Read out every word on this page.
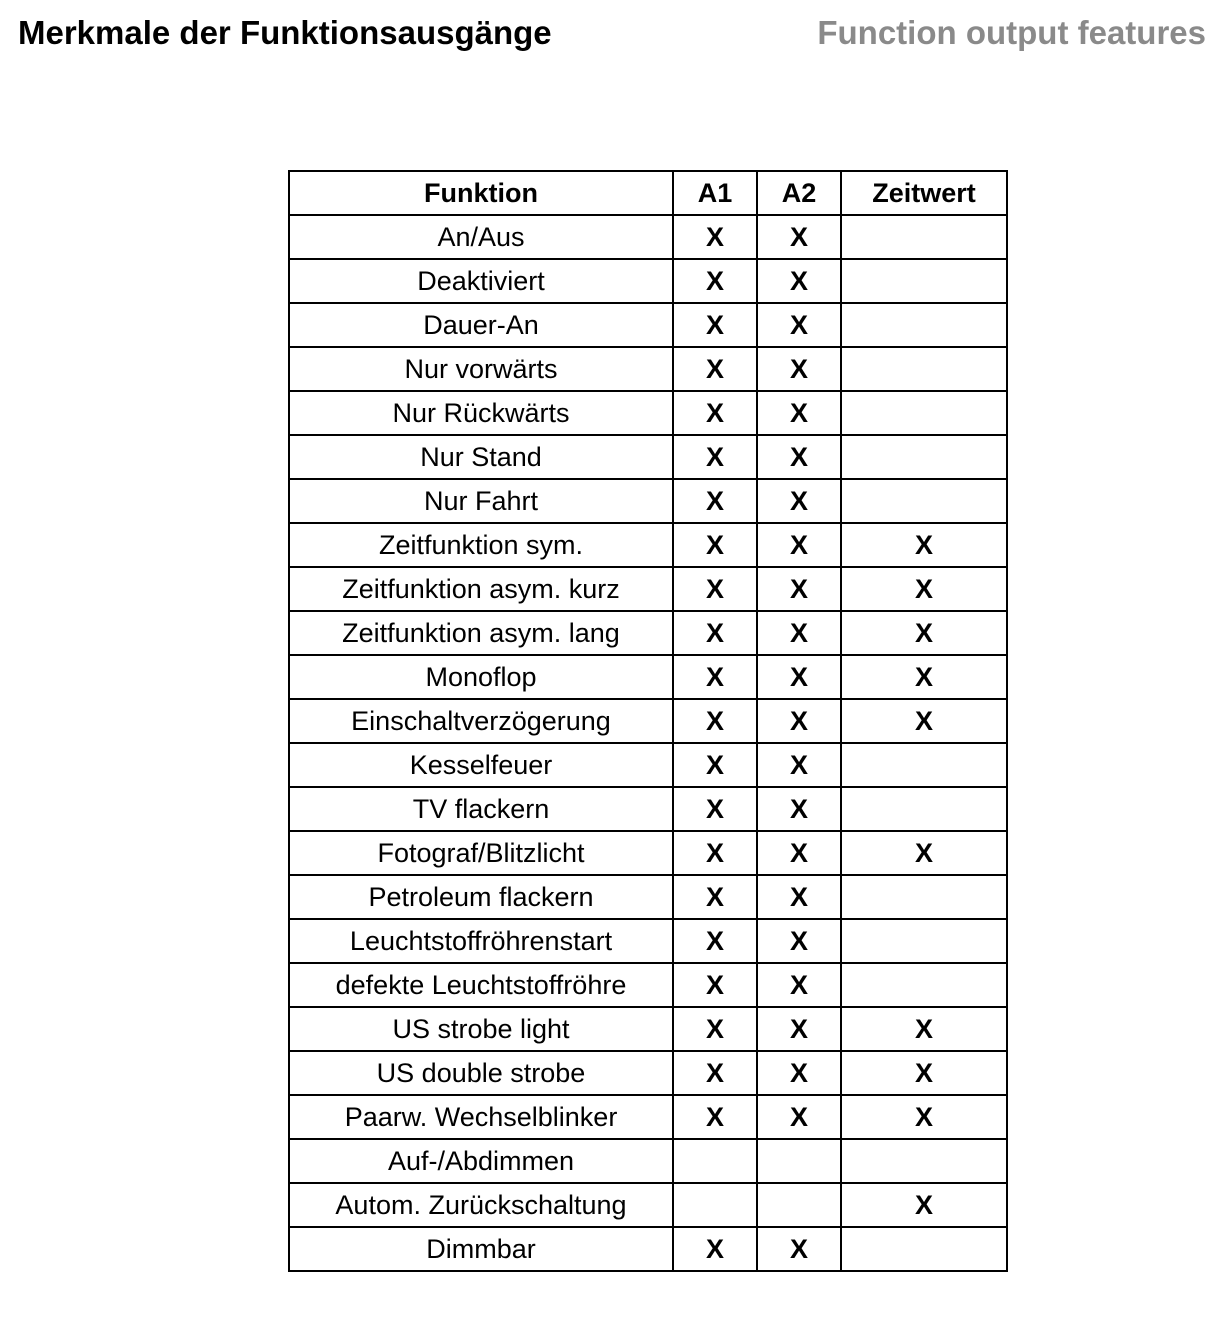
Merkmale der Funktionsausgänge	Function output features
Funktion	A1	A2	Zeitwert
An/Aus	X	X	
Deaktiviert	X	X	
Dauer-An	X	X	
Nur vorwärts	X	X	
Nur Rückwärts	X	X	
Nur Stand	X	X	
Nur Fahrt	X	X	
Zeitfunktion sym.	X	X	X
Zeitfunktion asym. kurz	X	X	X
Zeitfunktion asym. lang	X	X	X
Monoflop	X	X	X
Einschaltverzögerung	X	X	X
Kesselfeuer	X	X	
TV flackern	X	X	
Fotograf/Blitzlicht	X	X	X
Petroleum flackern	X	X	
Leuchtstoffröhrenstart	X	X	
defekte Leuchtstoffröhre	X	X	
US strobe light	X	X	X
US double strobe	X	X	X
Paarw. Wechselblinker	X	X	X
Auf-/Abdimmen			
Autom. Zurückschaltung			X
Dimmbar	X	X	
